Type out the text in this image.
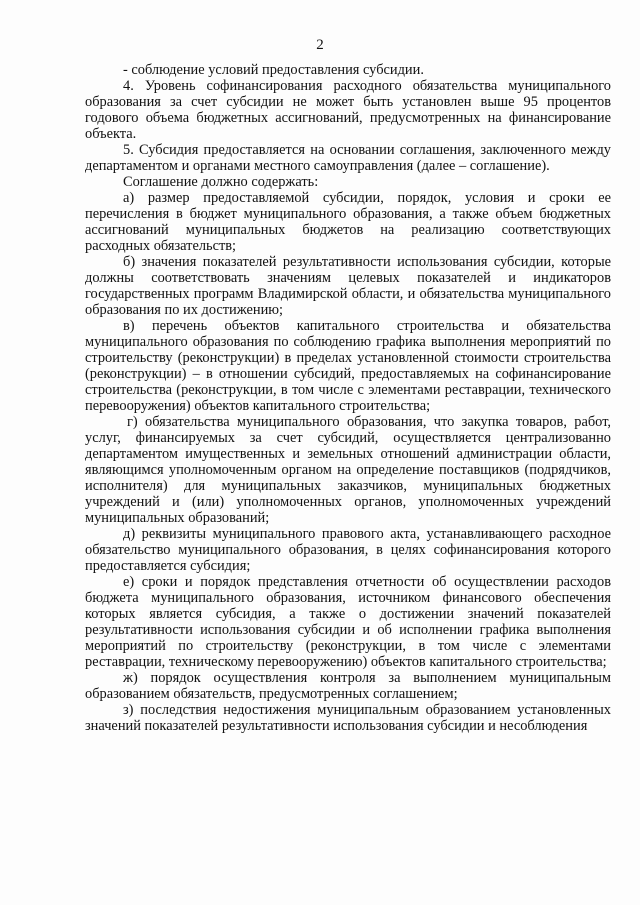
2

- соблюдение условий предоставления субсидии.

4. Уровень софинансирования расходного обязательства муниципального образования за счет субсидии не может быть установлен выше 95 процентов годового объема бюджетных ассигнований, предусмотренных на финансирование объекта.

5. Субсидия предоставляется на основании соглашения, заключенного между департаментом и органами местного самоуправления (далее – соглашение).

Соглашение должно содержать:

а) размер предоставляемой субсидии, порядок, условия и сроки ее перечисления в бюджет муниципального образования, а также объем бюджетных ассигнований муниципальных бюджетов на реализацию соответствующих расходных обязательств;

б) значения показателей результативности использования субсидии, которые должны соответствовать значениям целевых показателей и индикаторов государственных программ Владимирской области, и обязательства муниципального образования по их достижению;

в) перечень объектов капитального строительства и обязательства муниципального образования по соблюдению графика выполнения мероприятий по строительству (реконструкции) в пределах установленной стоимости строительства (реконструкции) – в отношении субсидий, предоставляемых на софинансирование строительства (реконструкции, в том числе с элементами реставрации, технического перевооружения) объектов капитального строительства;

г) обязательства муниципального образования, что закупка товаров, работ, услуг, финансируемых за счет субсидий, осуществляется централизованно департаментом имущественных и земельных отношений администрации области, являющимся уполномоченным органом на определение поставщиков (подрядчиков, исполнителя) для муниципальных заказчиков, муниципальных бюджетных учреждений и (или) уполномоченных органов, уполномоченных учреждений муниципальных образований;

д) реквизиты муниципального правового акта, устанавливающего расходное обязательство муниципального образования, в целях софинансирования которого предоставляется субсидия;

е) сроки и порядок представления отчетности об осуществлении расходов бюджета муниципального образования, источником финансового обеспечения которых является субсидия, а также о достижении значений показателей результативности использования субсидии и об исполнении графика выполнения мероприятий по строительству (реконструкции, в том числе с элементами реставрации, техническому перевооружению) объектов капитального строительства;

ж) порядок осуществления контроля за выполнением муниципальным образованием обязательств, предусмотренных соглашением;

з) последствия недостижения муниципальным образованием установленных значений показателей результативности использования субсидии и несоблюдения
